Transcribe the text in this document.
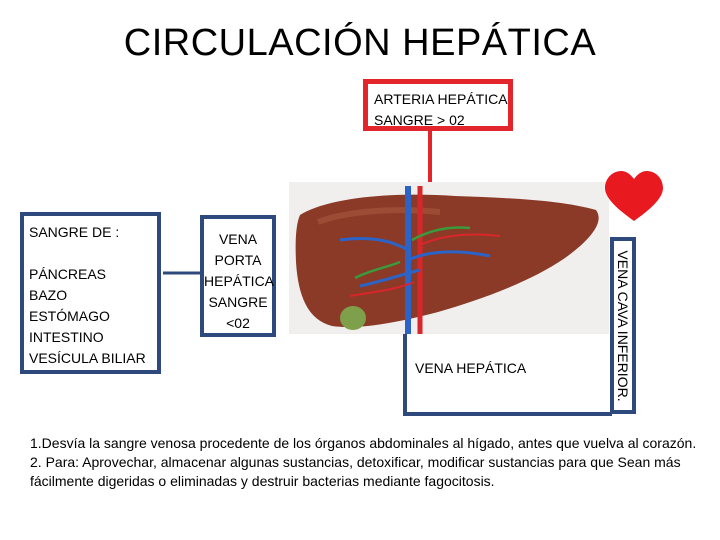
CIRCULACIÓN HEPÁTICA
ARTERIA HEPÁTICA
SANGRE > 02
SANGRE DE :
PÁNCREAS
BAZO
ESTÓMAGO
INTESTINO
VESÍCULA BILIAR
VENA
PORTA
HEPÁTICA
SANGRE
<02	VENA CAVA INFERIOR.
VENA HEPÁTICA

1.Desvía la sangre venosa procedente de los órganos abdominales al hígado, antes que vuelva al corazón.

2. Para: Aprovechar, almacenar algunas sustancias, detoxificar, modificar sustancias para que Sean más fácilmente digeridas o eliminadas y destruir bacterias mediante fagocitosis.
